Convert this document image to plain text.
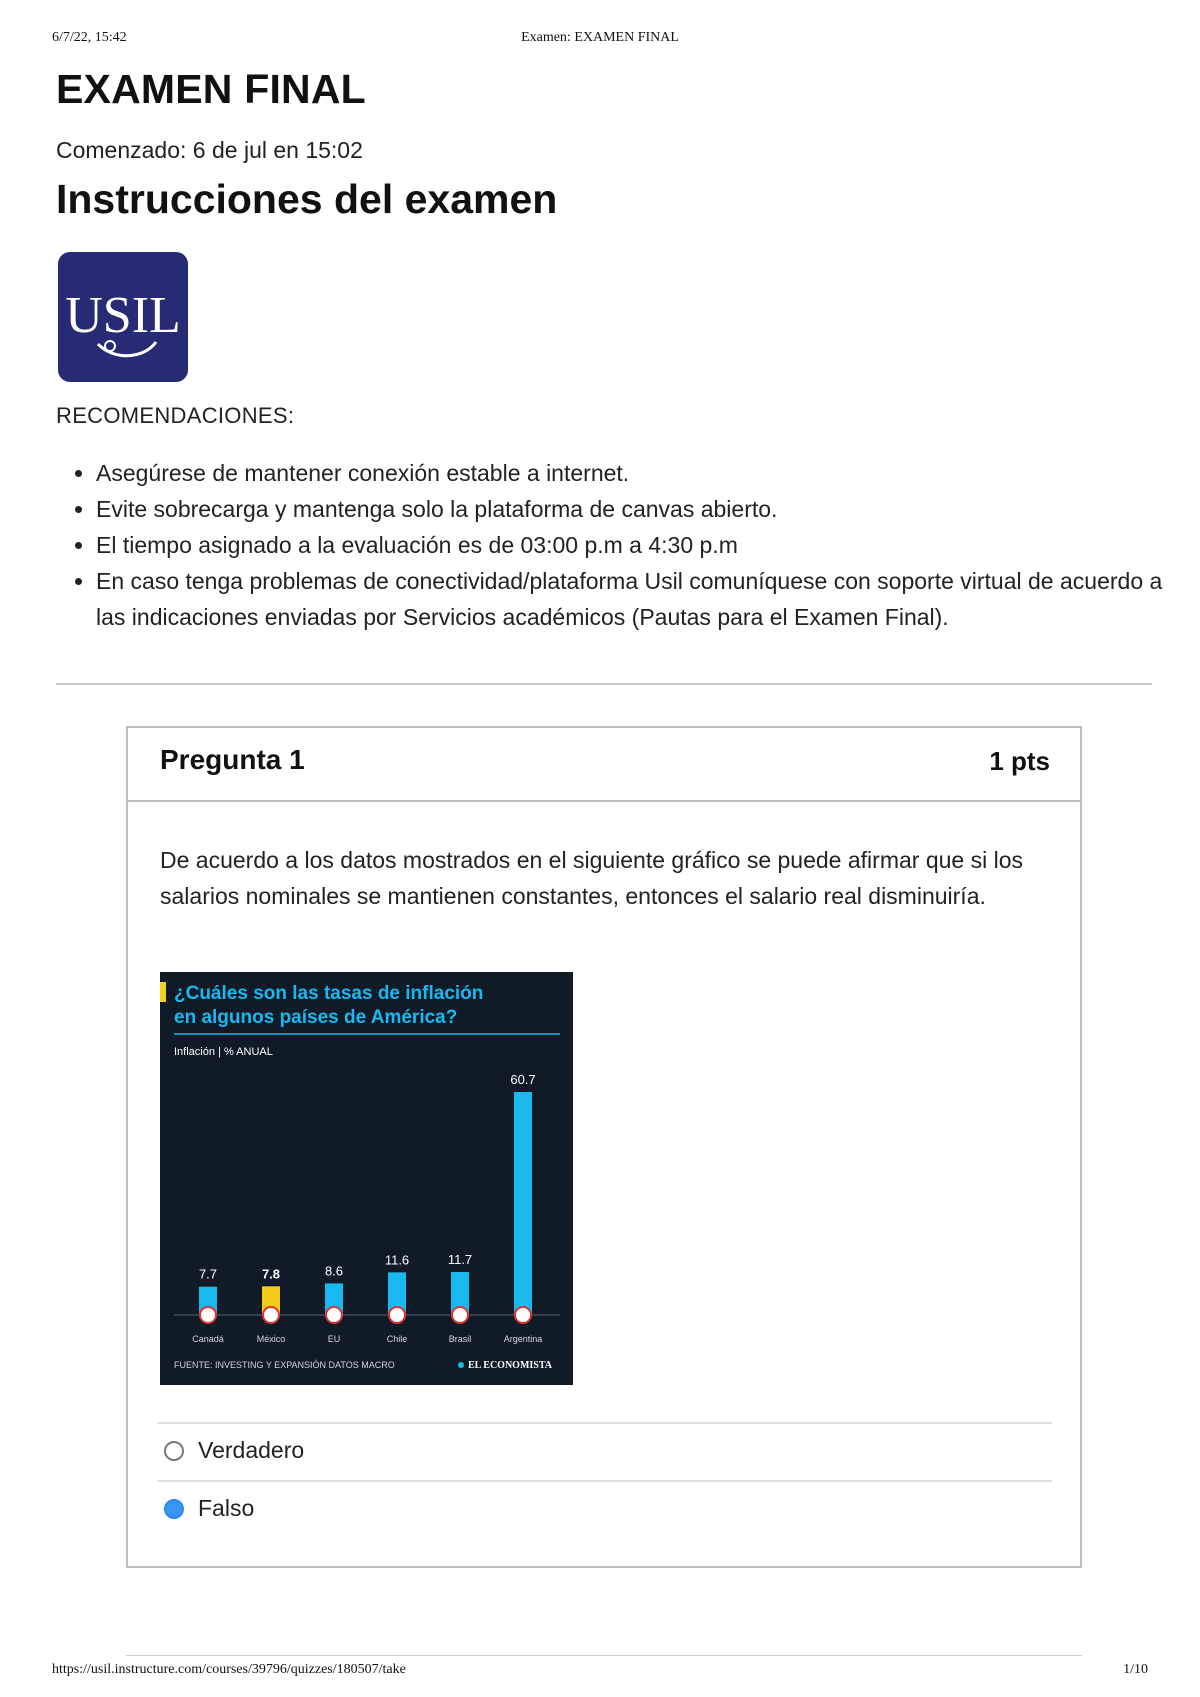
6/7/22, 15:42	Examen: EXAMEN FINAL
EXAMEN FINAL
Comenzado: 6 de jul en 15:02
Instrucciones del examen
USIL
RECOMENDACIONES:
• Asegúrese de mantener conexión estable a internet.
• Evite sobrecarga y mantenga solo la plataforma de canvas abierto.
• El tiempo asignado a la evaluación es de 03:00 p.m a 4:30 p.m
• En caso tenga problemas de conectividad/plataforma Usil comuníquese con soporte virtual de acuerdo a las indicaciones enviadas por Servicios académicos (Pautas para el Examen Final).
Pregunta 1	1 pts
De acuerdo a los datos mostrados en el siguiente gráfico se puede afirmar que si los salarios nominales se mantienen constantes, entonces el salario real disminuiría.
¿Cuáles son las tasas de inflación
en algunos países de América?
Inflación | % ANUAL
7.7
Canadá
7.8
México
8.6
EU
11.6
Chile
11.7
Brasil
60.7
Argentina
FUENTE: INVESTING Y EXPANSIÓN DATOS MACRO	EL ECONOMISTA
Verdadero
Falso
https://usil.instructure.com/courses/39796/quizzes/180507/take	1/10
